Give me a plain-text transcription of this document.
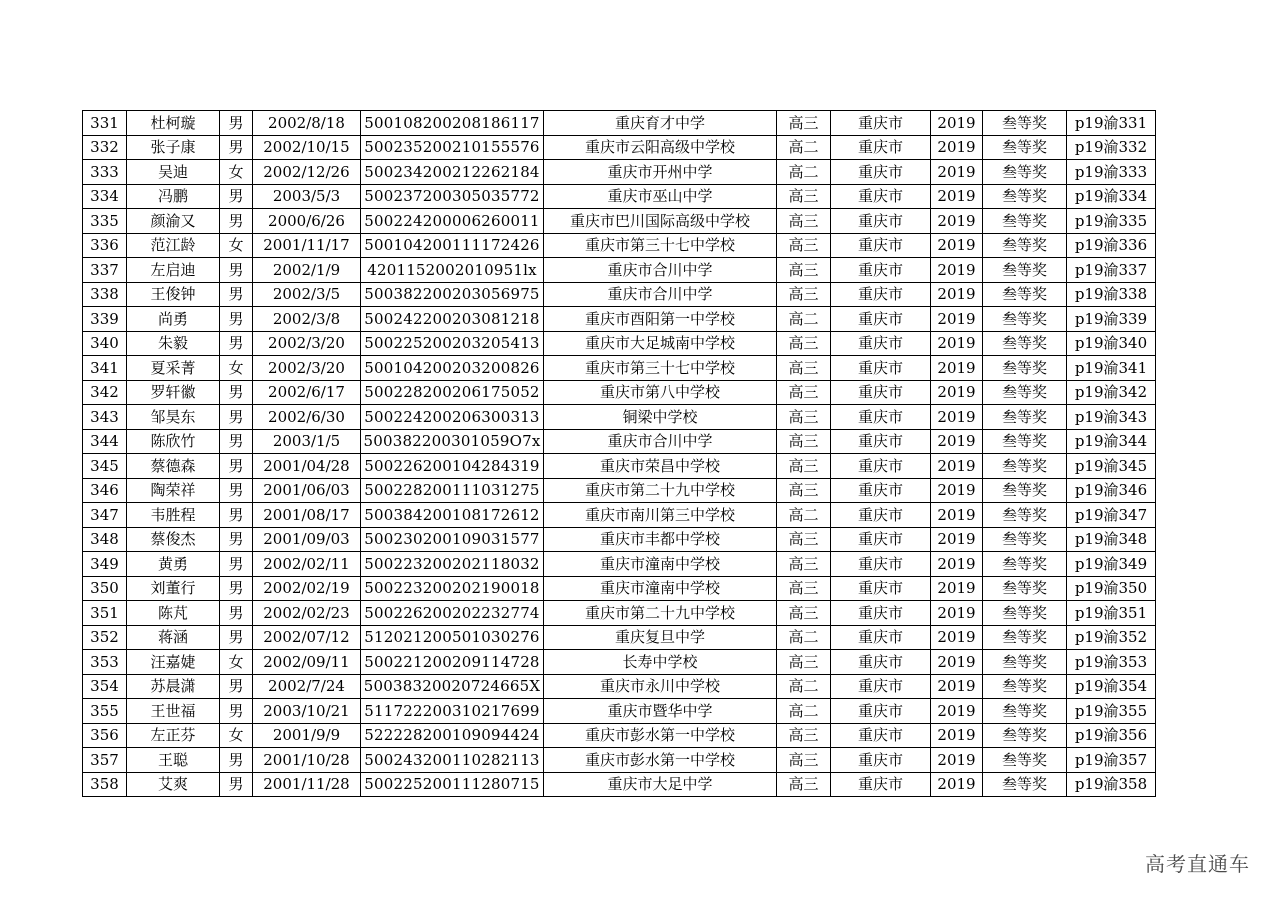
331	杜柯璇	男	2002/8/18	500108200208186117	重庆育才中学	高三	重庆市	2019	叁等奖	p19渝331
332	张子康	男	2002/10/15	500235200210155576	重庆市云阳高级中学校	高二	重庆市	2019	叁等奖	p19渝332
333	吴迪	女	2002/12/26	500234200212262184	重庆市开州中学	高二	重庆市	2019	叁等奖	p19渝333
334	冯鹏	男	2003/5/3	500237200305035772	重庆市巫山中学	高三	重庆市	2019	叁等奖	p19渝334
335	颜渝又	男	2000/6/26	500224200006260011	重庆市巴川国际高级中学校	高三	重庆市	2019	叁等奖	p19渝335
336	范江龄	女	2001/11/17	500104200111172426	重庆市第三十七中学校	高三	重庆市	2019	叁等奖	p19渝336
337	左启迪	男	2002/1/9	4201152002010951lx	重庆市合川中学	高三	重庆市	2019	叁等奖	p19渝337
338	王俊钟	男	2002/3/5	500382200203056975	重庆市合川中学	高三	重庆市	2019	叁等奖	p19渝338
339	尚勇	男	2002/3/8	500242200203081218	重庆市酉阳第一中学校	高二	重庆市	2019	叁等奖	p19渝339
340	朱毅	男	2002/3/20	500225200203205413	重庆市大足城南中学校	高三	重庆市	2019	叁等奖	p19渝340
341	夏采菁	女	2002/3/20	500104200203200826	重庆市第三十七中学校	高三	重庆市	2019	叁等奖	p19渝341
342	罗轩徽	男	2002/6/17	500228200206175052	重庆市第八中学校	高三	重庆市	2019	叁等奖	p19渝342
343	邹昊东	男	2002/6/30	500224200206300313	铜梁中学校	高三	重庆市	2019	叁等奖	p19渝343
344	陈欣竹	男	2003/1/5	500382200301059O7x	重庆市合川中学	高三	重庆市	2019	叁等奖	p19渝344
345	蔡德森	男	2001/04/28	500226200104284319	重庆市荣昌中学校	高三	重庆市	2019	叁等奖	p19渝345
346	陶荣祥	男	2001/06/03	500228200111031275	重庆市第二十九中学校	高三	重庆市	2019	叁等奖	p19渝346
347	韦胜程	男	2001/08/17	500384200108172612	重庆市南川第三中学校	高二	重庆市	2019	叁等奖	p19渝347
348	蔡俊杰	男	2001/09/03	500230200109031577	重庆市丰都中学校	高三	重庆市	2019	叁等奖	p19渝348
349	黄勇	男	2002/02/11	500223200202118032	重庆市潼南中学校	高三	重庆市	2019	叁等奖	p19渝349
350	刘董行	男	2002/02/19	500223200202190018	重庆市潼南中学校	高三	重庆市	2019	叁等奖	p19渝350
351	陈芃	男	2002/02/23	500226200202232774	重庆市第二十九中学校	高三	重庆市	2019	叁等奖	p19渝351
352	蒋涵	男	2002/07/12	512021200501030276	重庆复旦中学	高二	重庆市	2019	叁等奖	p19渝352
353	汪嘉婕	女	2002/09/11	500221200209114728	长寿中学校	高三	重庆市	2019	叁等奖	p19渝353
354	苏晨潇	男	2002/7/24	50038320020724665X	重庆市永川中学校	高二	重庆市	2019	叁等奖	p19渝354
355	王世福	男	2003/10/21	511722200310217699	重庆市暨华中学	高二	重庆市	2019	叁等奖	p19渝355
356	左正芬	女	2001/9/9	522228200109094424	重庆市彭水第一中学校	高三	重庆市	2019	叁等奖	p19渝356
357	王聪	男	2001/10/28	500243200110282113	重庆市彭水第一中学校	高三	重庆市	2019	叁等奖	p19渝357
358	艾爽	男	2001/11/28	500225200111280715	重庆市大足中学	高三	重庆市	2019	叁等奖	p19渝358
高考直通车
